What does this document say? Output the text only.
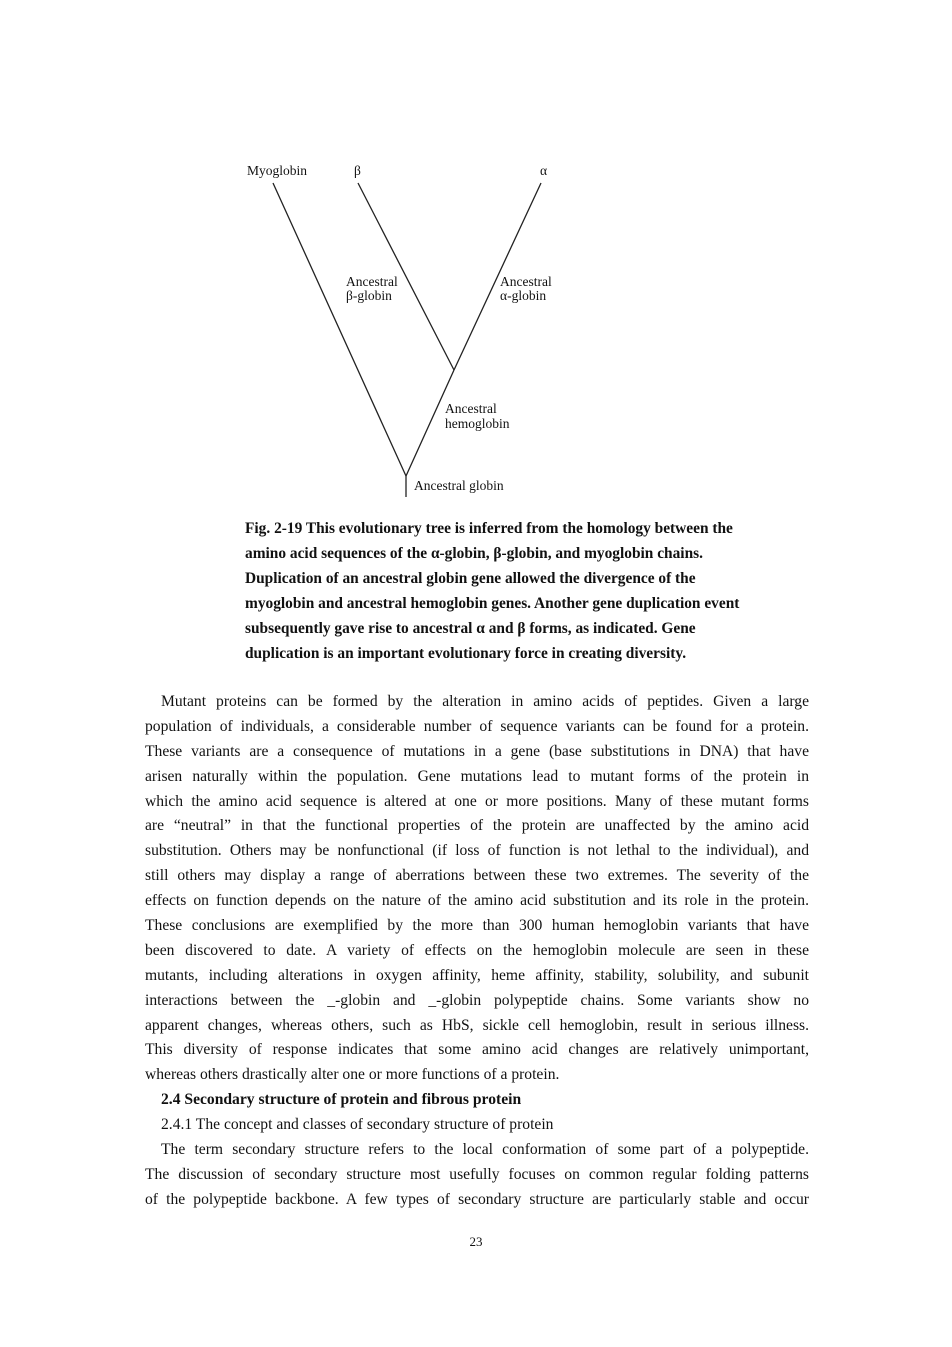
Myoglobin	β	α
Ancestral
β-globin
Ancestral
α-globin
Ancestral
hemoglobin
Ancestral globin
Fig. 2-19 This evolutionary tree is inferred from the homology between the
amino acid sequences of the α-globin, β-globin, and myoglobin chains.
Duplication of an ancestral globin gene allowed the divergence of the
myoglobin and ancestral hemoglobin genes. Another gene duplication event
subsequently gave rise to ancestral α and β forms, as indicated. Gene
duplication is an important evolutionary force in creating diversity.
Mutant proteins can be formed by the alteration in amino acids of peptides. Given a large
population of individuals, a considerable number of sequence variants can be found for a protein.
These variants are a consequence of mutations in a gene (base substitutions in DNA) that have
arisen naturally within the population. Gene mutations lead to mutant forms of the protein in
which the amino acid sequence is altered at one or more positions. Many of these mutant forms
are “neutral” in that the functional properties of the protein are unaffected by the amino acid
substitution. Others may be nonfunctional (if loss of function is not lethal to the individual), and
still others may display a range of aberrations between these two extremes. The severity of the
effects on function depends on the nature of the amino acid substitution and its role in the protein.
These conclusions are exemplified by the more than 300 human hemoglobin variants that have
been discovered to date. A variety of effects on the hemoglobin molecule are seen in these
mutants, including alterations in oxygen affinity, heme affinity, stability, solubility, and subunit
interactions between the _-globin and _-globin polypeptide chains. Some variants show no
apparent changes, whereas others, such as HbS, sickle cell hemoglobin, result in serious illness.
This diversity of response indicates that some amino acid changes are relatively unimportant,
whereas others drastically alter one or more functions of a protein.
2.4 Secondary structure of protein and fibrous protein
2.4.1 The concept and classes of secondary structure of protein
The term secondary structure refers to the local conformation of some part of a polypeptide.
The discussion of secondary structure most usefully focuses on common regular folding patterns
of the polypeptide backbone. A few types of secondary structure are particularly stable and occur
23
